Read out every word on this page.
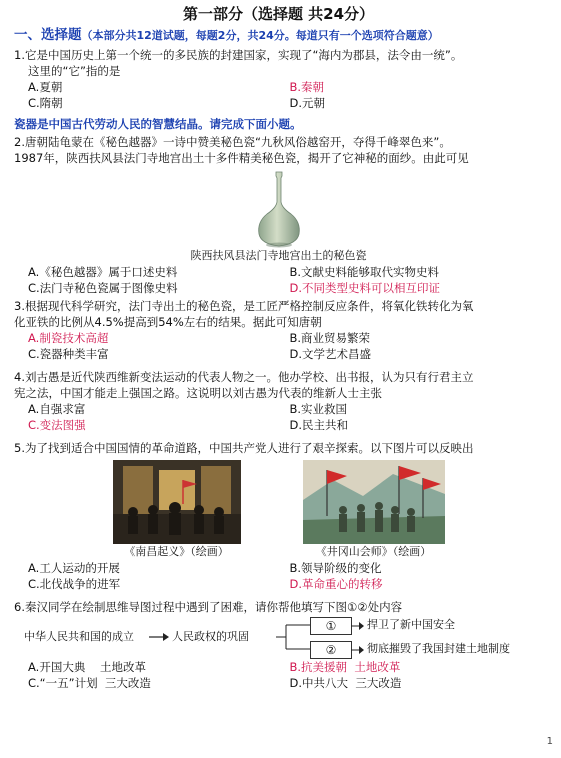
第一部分（选择题 共24分）
一、选择题（本部分共12道试题，每题2分，共24分。每道只有一个选项符合题意）
1.它是中国历史上第一个统一的多民族的封建国家，实现了“海内为郡县，法令由一统”。
这里的“它”指的是
A.夏朝	B.秦朝
C.隋朝	D.元朝
瓷器是中国古代劳动人民的智慧结晶。请完成下面小题。
2.唐朝陆龟蒙在《秘色越器》一诗中赞美秘色瓷“九秋风俗越窑开，夺得千峰翠色来”。
1987年，陕西扶风县法门寺地宫出土十多件精美秘色瓷，揭开了它神秘的面纱。由此可见
陕西扶风县法门寺地宫出土的秘色瓷
A.《秘色越器》属于口述史料	B.文献史料能够取代实物史料
C.法门寺秘色瓷属于图像史料	D.不同类型史料可以相互印证
3.根据现代科学研究，法门寺出土的秘色瓷，是工匠严格控制反应条件，将氧化铁转化为氧
化亚铁的比例从4.5%提高到54%左右的结果。据此可知唐朝
A.制瓷技术高超	B.商业贸易繁荣
C.瓷器种类丰富	D.文学艺术昌盛
4.刘古愚是近代陕西维新变法运动的代表人物之一。他办学校、出书报，认为只有行君主立
宪之法，中国才能走上强国之路。这说明以刘古愚为代表的维新人士主张
A.自强求富	B.实业救国
C.变法图强	D.民主共和
5.为了找到适合中国国情的革命道路，中国共产党人进行了艰辛探索。以下图片可以反映出
《南昌起义》（绘画）	《井冈山会师》（绘画）
A.工人运动的开展	B.领导阶级的变化
C.北伐战争的进军	D.革命重心的转移
6.秦汉同学在绘制思维导图过程中遇到了困难，请你帮他填写下图①②处内容
中华人民共和国的成立	人民政权的巩固
①
②
捍卫了新中国安全
彻底摧毁了我国封建土地制度
A.开国大典    土地改革	B.抗美援朝  土地改革
C.“一五”计划  三大改造	D.中共八大  三大改造
1
